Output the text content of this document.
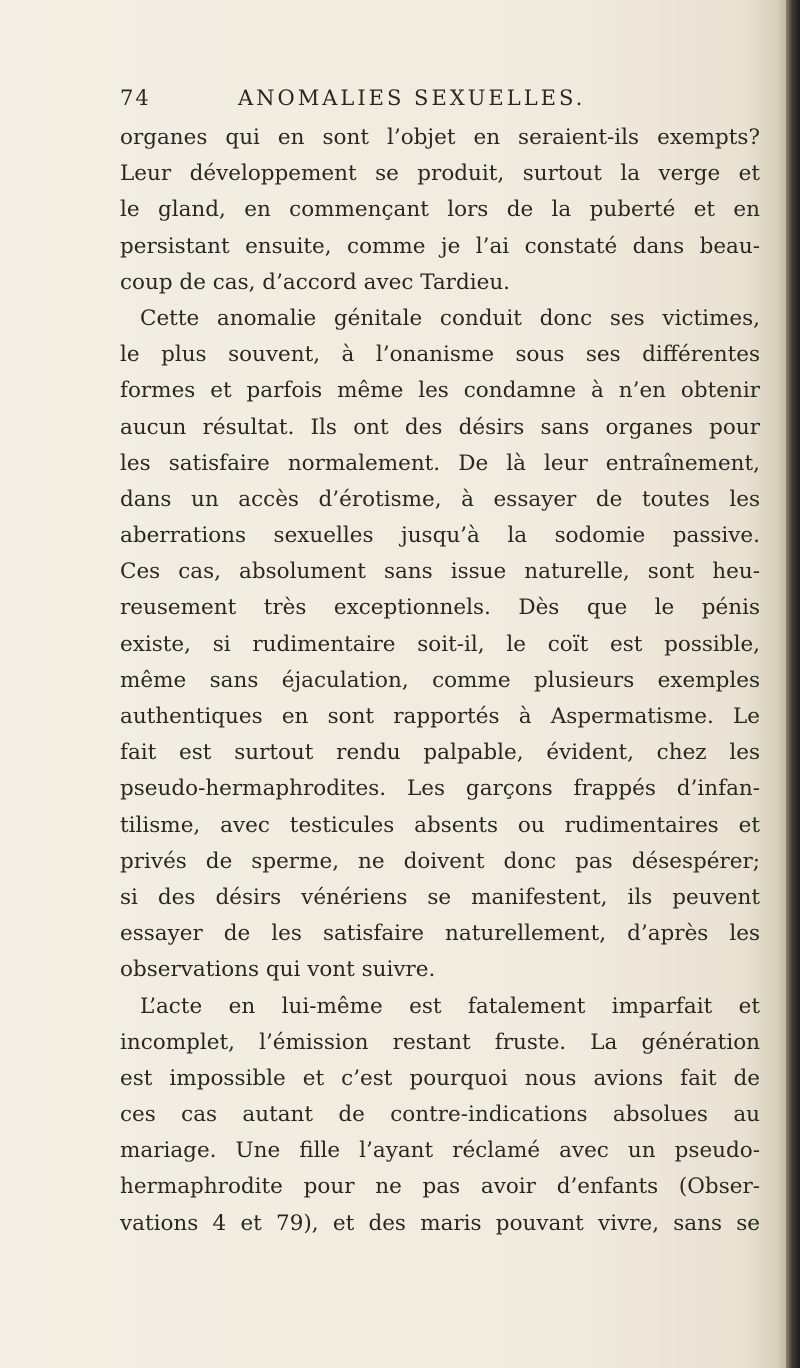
74	ANOMALIES SEXUELLES.
organes qui en sont l’objet en seraient-ils exempts?
Leur développement se produit, surtout la verge et
le gland, en commençant lors de la puberté et en
persistant ensuite, comme je l’ai constaté dans beau-
coup de cas, d’accord avec Tardieu.
Cette anomalie génitale conduit donc ses victimes,
le plus souvent, à l’onanisme sous ses différentes
formes et parfois même les condamne à n’en obtenir
aucun résultat. Ils ont des désirs sans organes pour
les satisfaire normalement. De là leur entraînement,
dans un accès d’érotisme, à essayer de toutes les
aberrations sexuelles jusqu’à la sodomie passive.
Ces cas, absolument sans issue naturelle, sont heu-
reusement très exceptionnels. Dès que le pénis
existe, si rudimentaire soit-il, le coït est possible,
même sans éjaculation, comme plusieurs exemples
authentiques en sont rapportés à Aspermatisme. Le
fait est surtout rendu palpable, évident, chez les
pseudo-hermaphrodites. Les garçons frappés d’infan-
tilisme, avec testicules absents ou rudimentaires et
privés de sperme, ne doivent donc pas désespérer;
si des désirs vénériens se manifestent, ils peuvent
essayer de les satisfaire naturellement, d’après les
observations qui vont suivre.
L’acte en lui-même est fatalement imparfait et
incomplet, l’émission restant fruste. La génération
est impossible et c’est pourquoi nous avions fait de
ces cas autant de contre-indications absolues au
mariage. Une fille l’ayant réclamé avec un pseudo-
hermaphrodite pour ne pas avoir d’enfants (Obser-
vations 4 et 79), et des maris pouvant vivre, sans se
